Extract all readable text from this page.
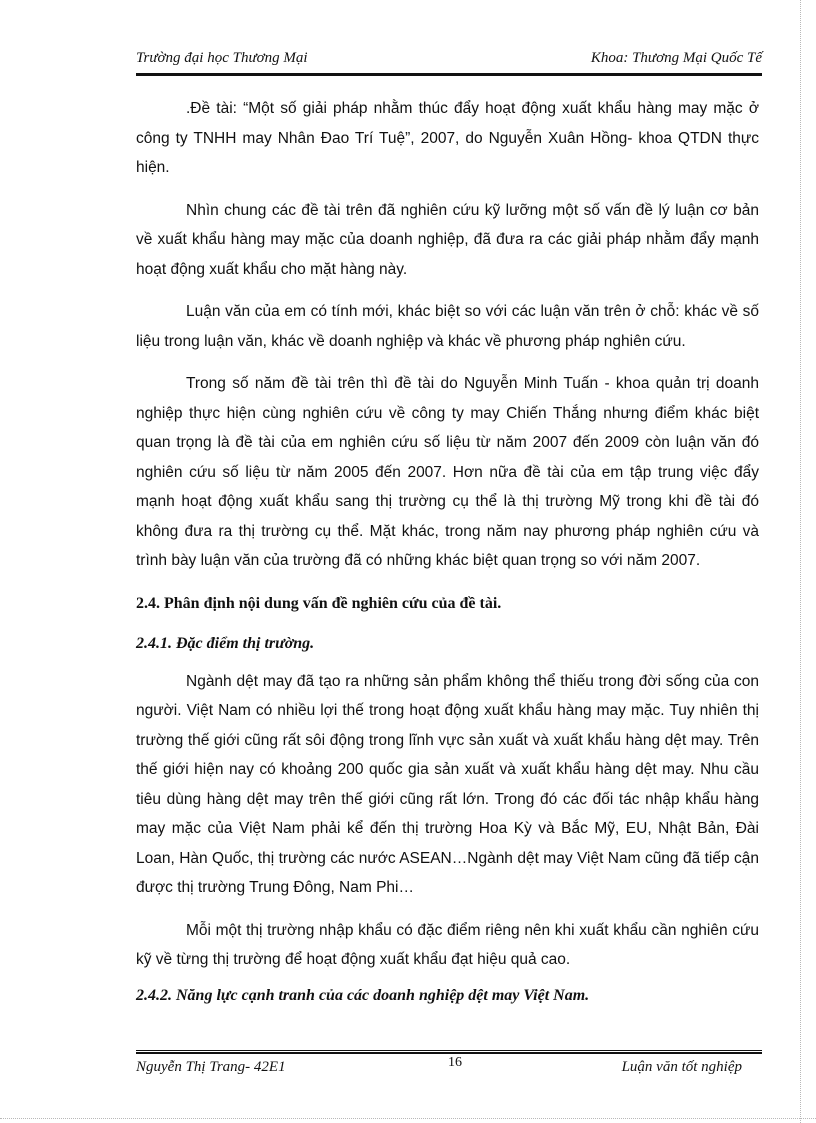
Trường đại học Thương Mại	Khoa: Thương Mại Quốc Tế

.Đề tài: “Một số giải pháp nhằm thúc đẩy hoạt động xuất khẩu hàng may mặc ở công ty TNHH may Nhân Đao Trí Tuệ”, 2007, do Nguyễn Xuân Hồng- khoa QTDN thực hiện.

Nhìn chung các đề tài trên đã nghiên cứu kỹ lưỡng một số vấn đề lý luận cơ bản về xuất khẩu hàng may mặc của doanh nghiệp, đã đưa ra các giải pháp nhằm đẩy mạnh hoạt động xuất khẩu cho mặt hàng này.

Luận văn của em có tính mới, khác biệt so với các luận văn trên ở chỗ: khác về số liệu trong luận văn, khác về doanh nghiệp và khác về phương pháp nghiên cứu.

Trong số năm đề tài trên thì đề tài do Nguyễn Minh Tuấn - khoa quản trị doanh nghiệp thực hiện cùng nghiên cứu về công ty may Chiến Thắng nhưng điểm khác biệt quan trọng là đề tài của em nghiên cứu số liệu từ năm 2007 đến 2009 còn luận văn đó nghiên cứu số liệu từ năm 2005 đến 2007. Hơn nữa đề tài của em tập trung việc đẩy mạnh hoạt động xuất khẩu sang thị trường cụ thể là thị trường Mỹ trong khi đề tài đó không đưa ra thị trường cụ thể. Mặt khác, trong năm nay phương pháp nghiên cứu và trình bày luận văn của trường đã có những khác biệt quan trọng so với năm 2007.

2.4. Phân định nội dung vấn đề nghiên cứu của đề tài.
2.4.1. Đặc điểm thị trường.

Ngành dệt may đã tạo ra những sản phẩm không thể thiếu trong đời sống của con người. Việt Nam có nhiều lợi thế trong hoạt động xuất khẩu hàng may mặc. Tuy nhiên thị trường thế giới cũng rất sôi động trong lĩnh vực sản xuất và xuất khẩu hàng dệt may. Trên thế giới hiện nay có khoảng 200 quốc gia sản xuất và xuất khẩu hàng dệt may. Nhu cầu tiêu dùng hàng dệt may trên thế giới cũng rất lớn. Trong đó các đối tác nhập khẩu hàng may mặc của Việt Nam phải kể đến thị trường Hoa Kỳ và Bắc Mỹ, EU, Nhật Bản, Đài Loan, Hàn Quốc, thị trường các nước ASEAN…Ngành dệt may Việt Nam cũng đã tiếp cận được thị trường Trung Đông, Nam Phi…

Mỗi một thị trường nhập khẩu có đặc điểm riêng nên khi xuất khẩu cần nghiên cứu kỹ về từng thị trường để hoạt động xuất khẩu đạt hiệu quả cao.

2.4.2. Năng lực cạnh tranh của các doanh nghiệp dệt may Việt Nam.
Nguyễn Thị Trang- 42E1	16	Luận văn tốt nghiệp
